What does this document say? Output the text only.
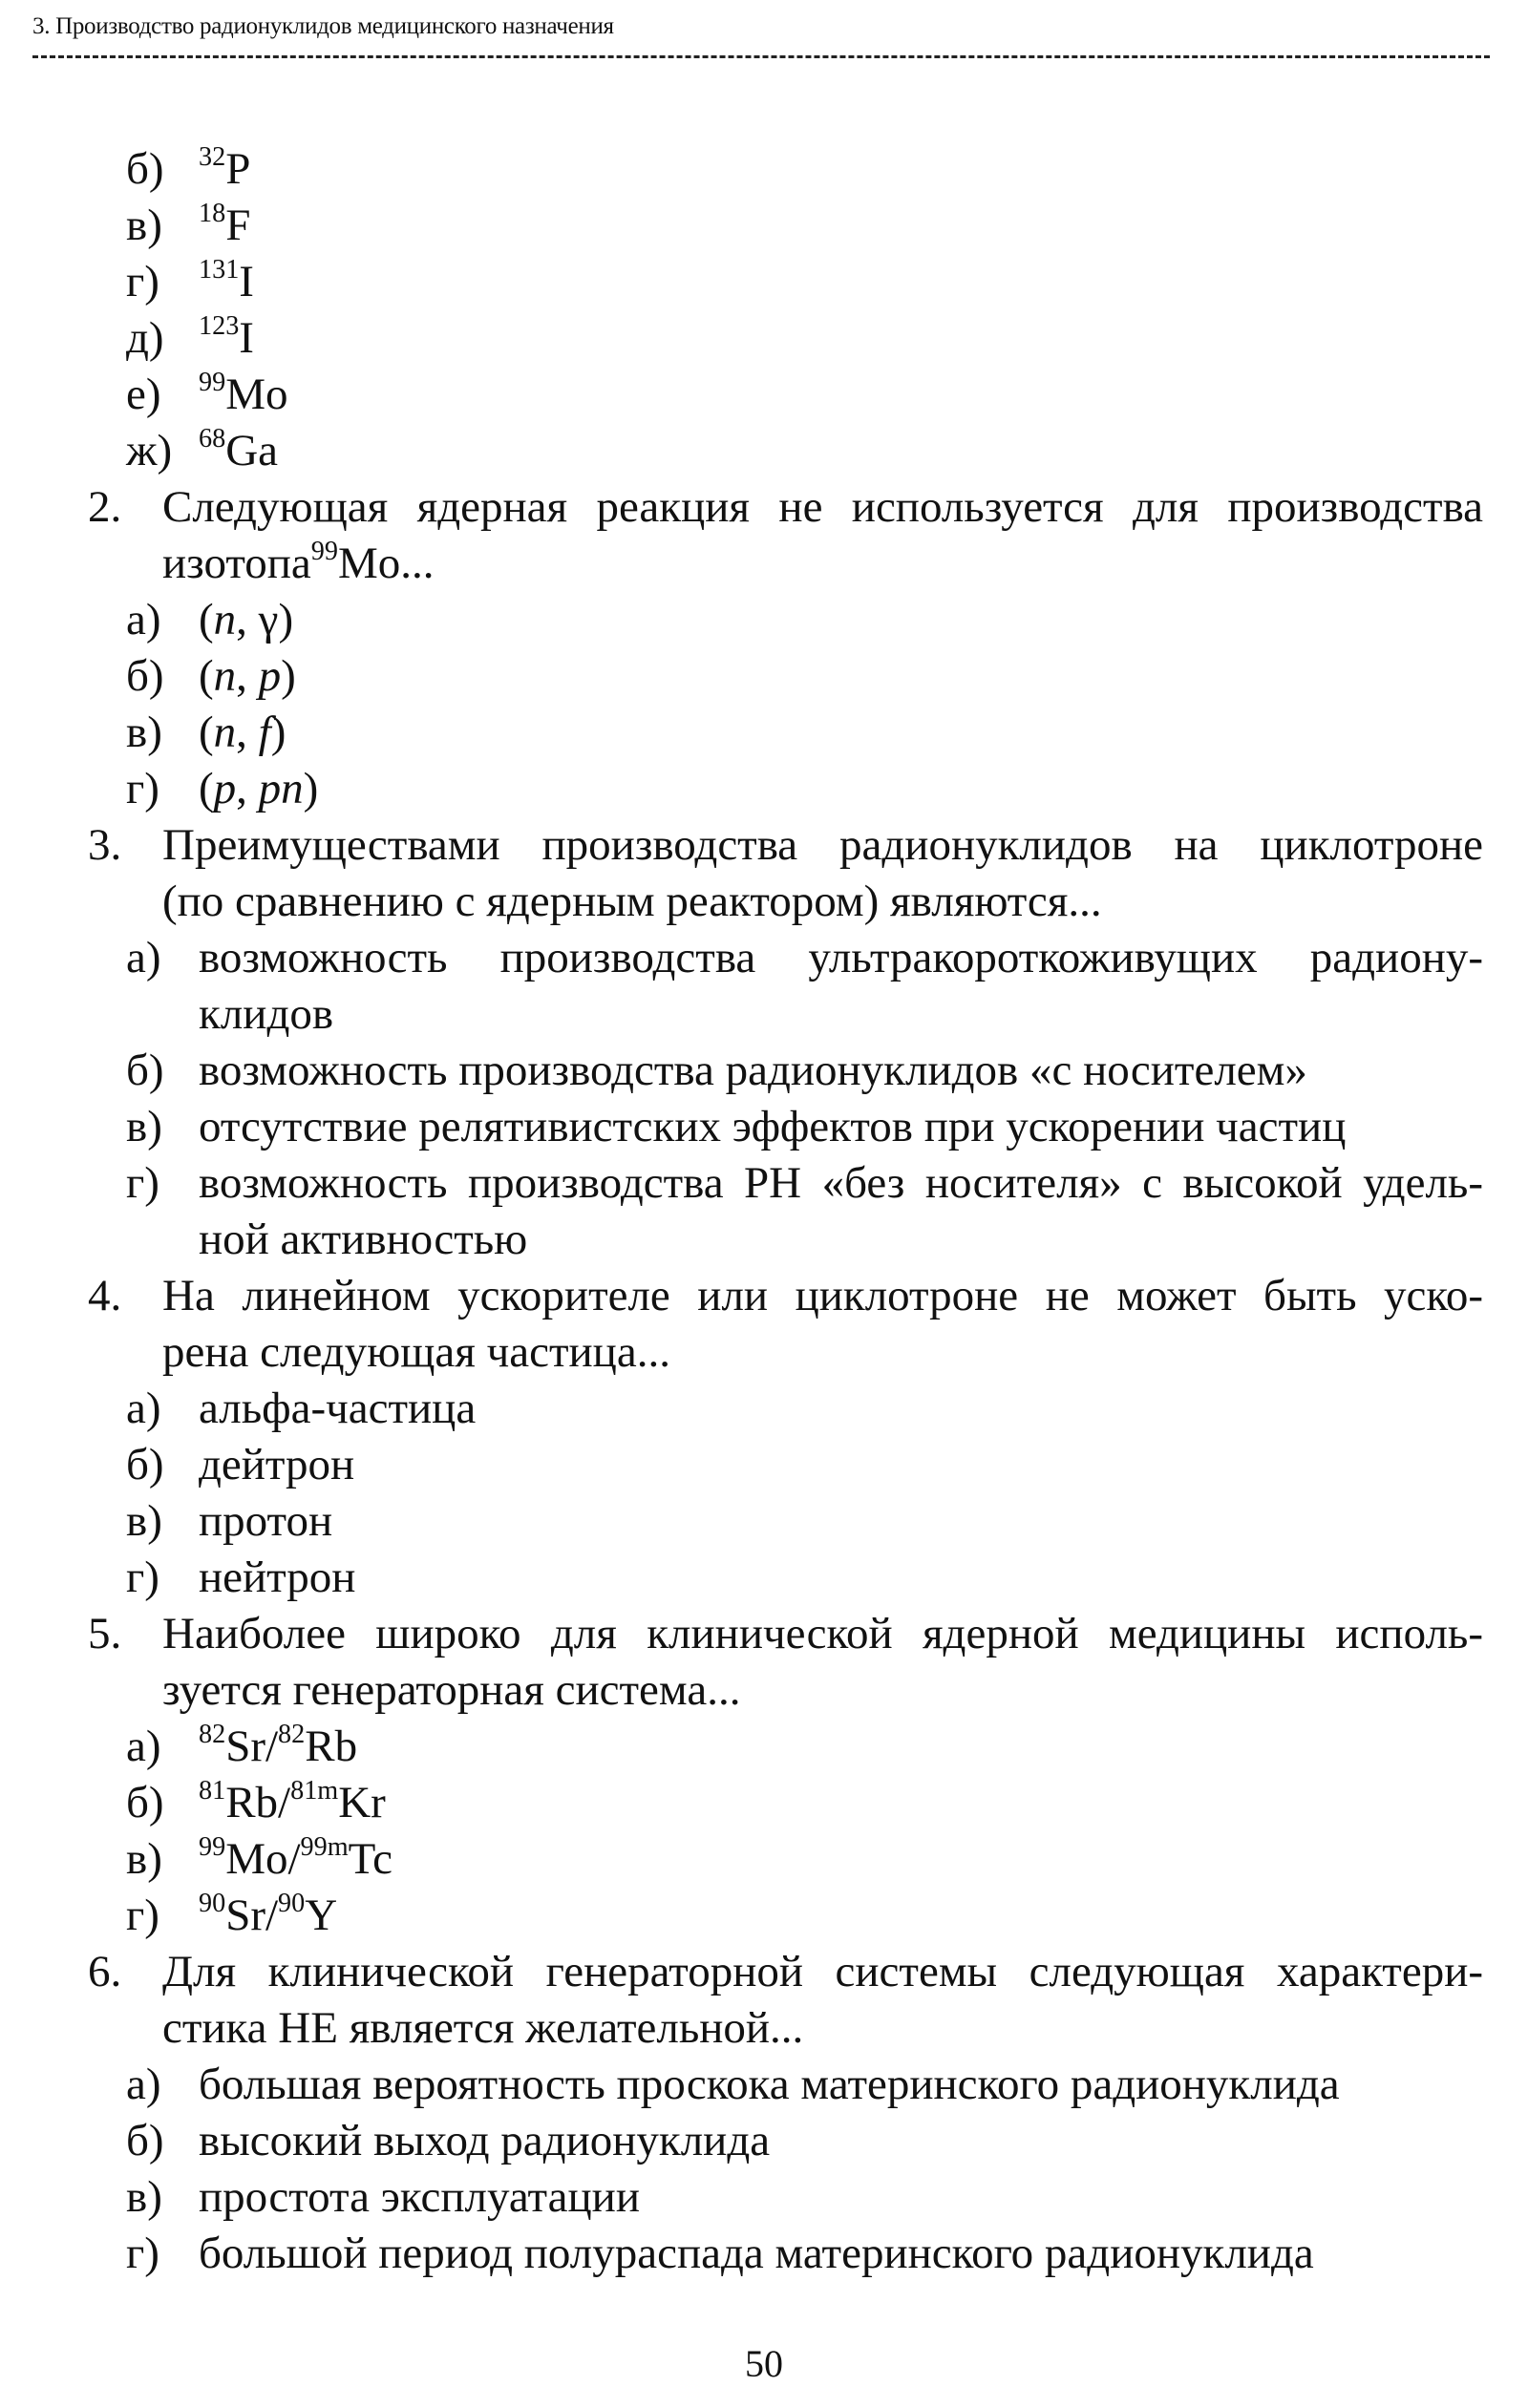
3. Производство радионуклидов медицинского назначения
б) $^{32}$P
в) $^{18}$F
г) $^{131}$I
д) $^{123}$I
е) $^{99}$Mo
ж) $^{68}$Ga
2. Следующая ядерная реакция не используется для производства
изотопа$^{99}$Mo...
а) (n, γ)
б) (n, p)
в) (n, f)
г) (p, pn)
3. Преимуществами производства радионуклидов на циклотроне
(по сравнению с ядерным реактором) являются...
а) возможность производства ультракороткоживущих радиону-
клидов
б) возможность производства радионуклидов «с носителем»
в) отсутствие релятивистских эффектов при ускорении частиц
г) возможность производства РН «без носителя» с высокой удель-
ной активностью
4. На линейном ускорителе или циклотроне не может быть уско-
рена следующая частица...
а) альфа-частица
б) дейтрон
в) протон
г) нейтрон
5. Наиболее широко для клинической ядерной медицины исполь-
зуется генераторная система...
а) $^{82}$Sr/$^{82}$Rb
б) $^{81}$Rb/$^{81m}$Kr
в) $^{99}$Mo/$^{99m}$Tc
г) $^{90}$Sr/$^{90}$Y
6. Для клинической генераторной системы следующая характери-
стика НЕ является желательной...
а) большая вероятность проскока материнского радионуклида
б) высокий выход радионуклида
в) простота эксплуатации
г) большой период полураспада материнского радионуклида
50
